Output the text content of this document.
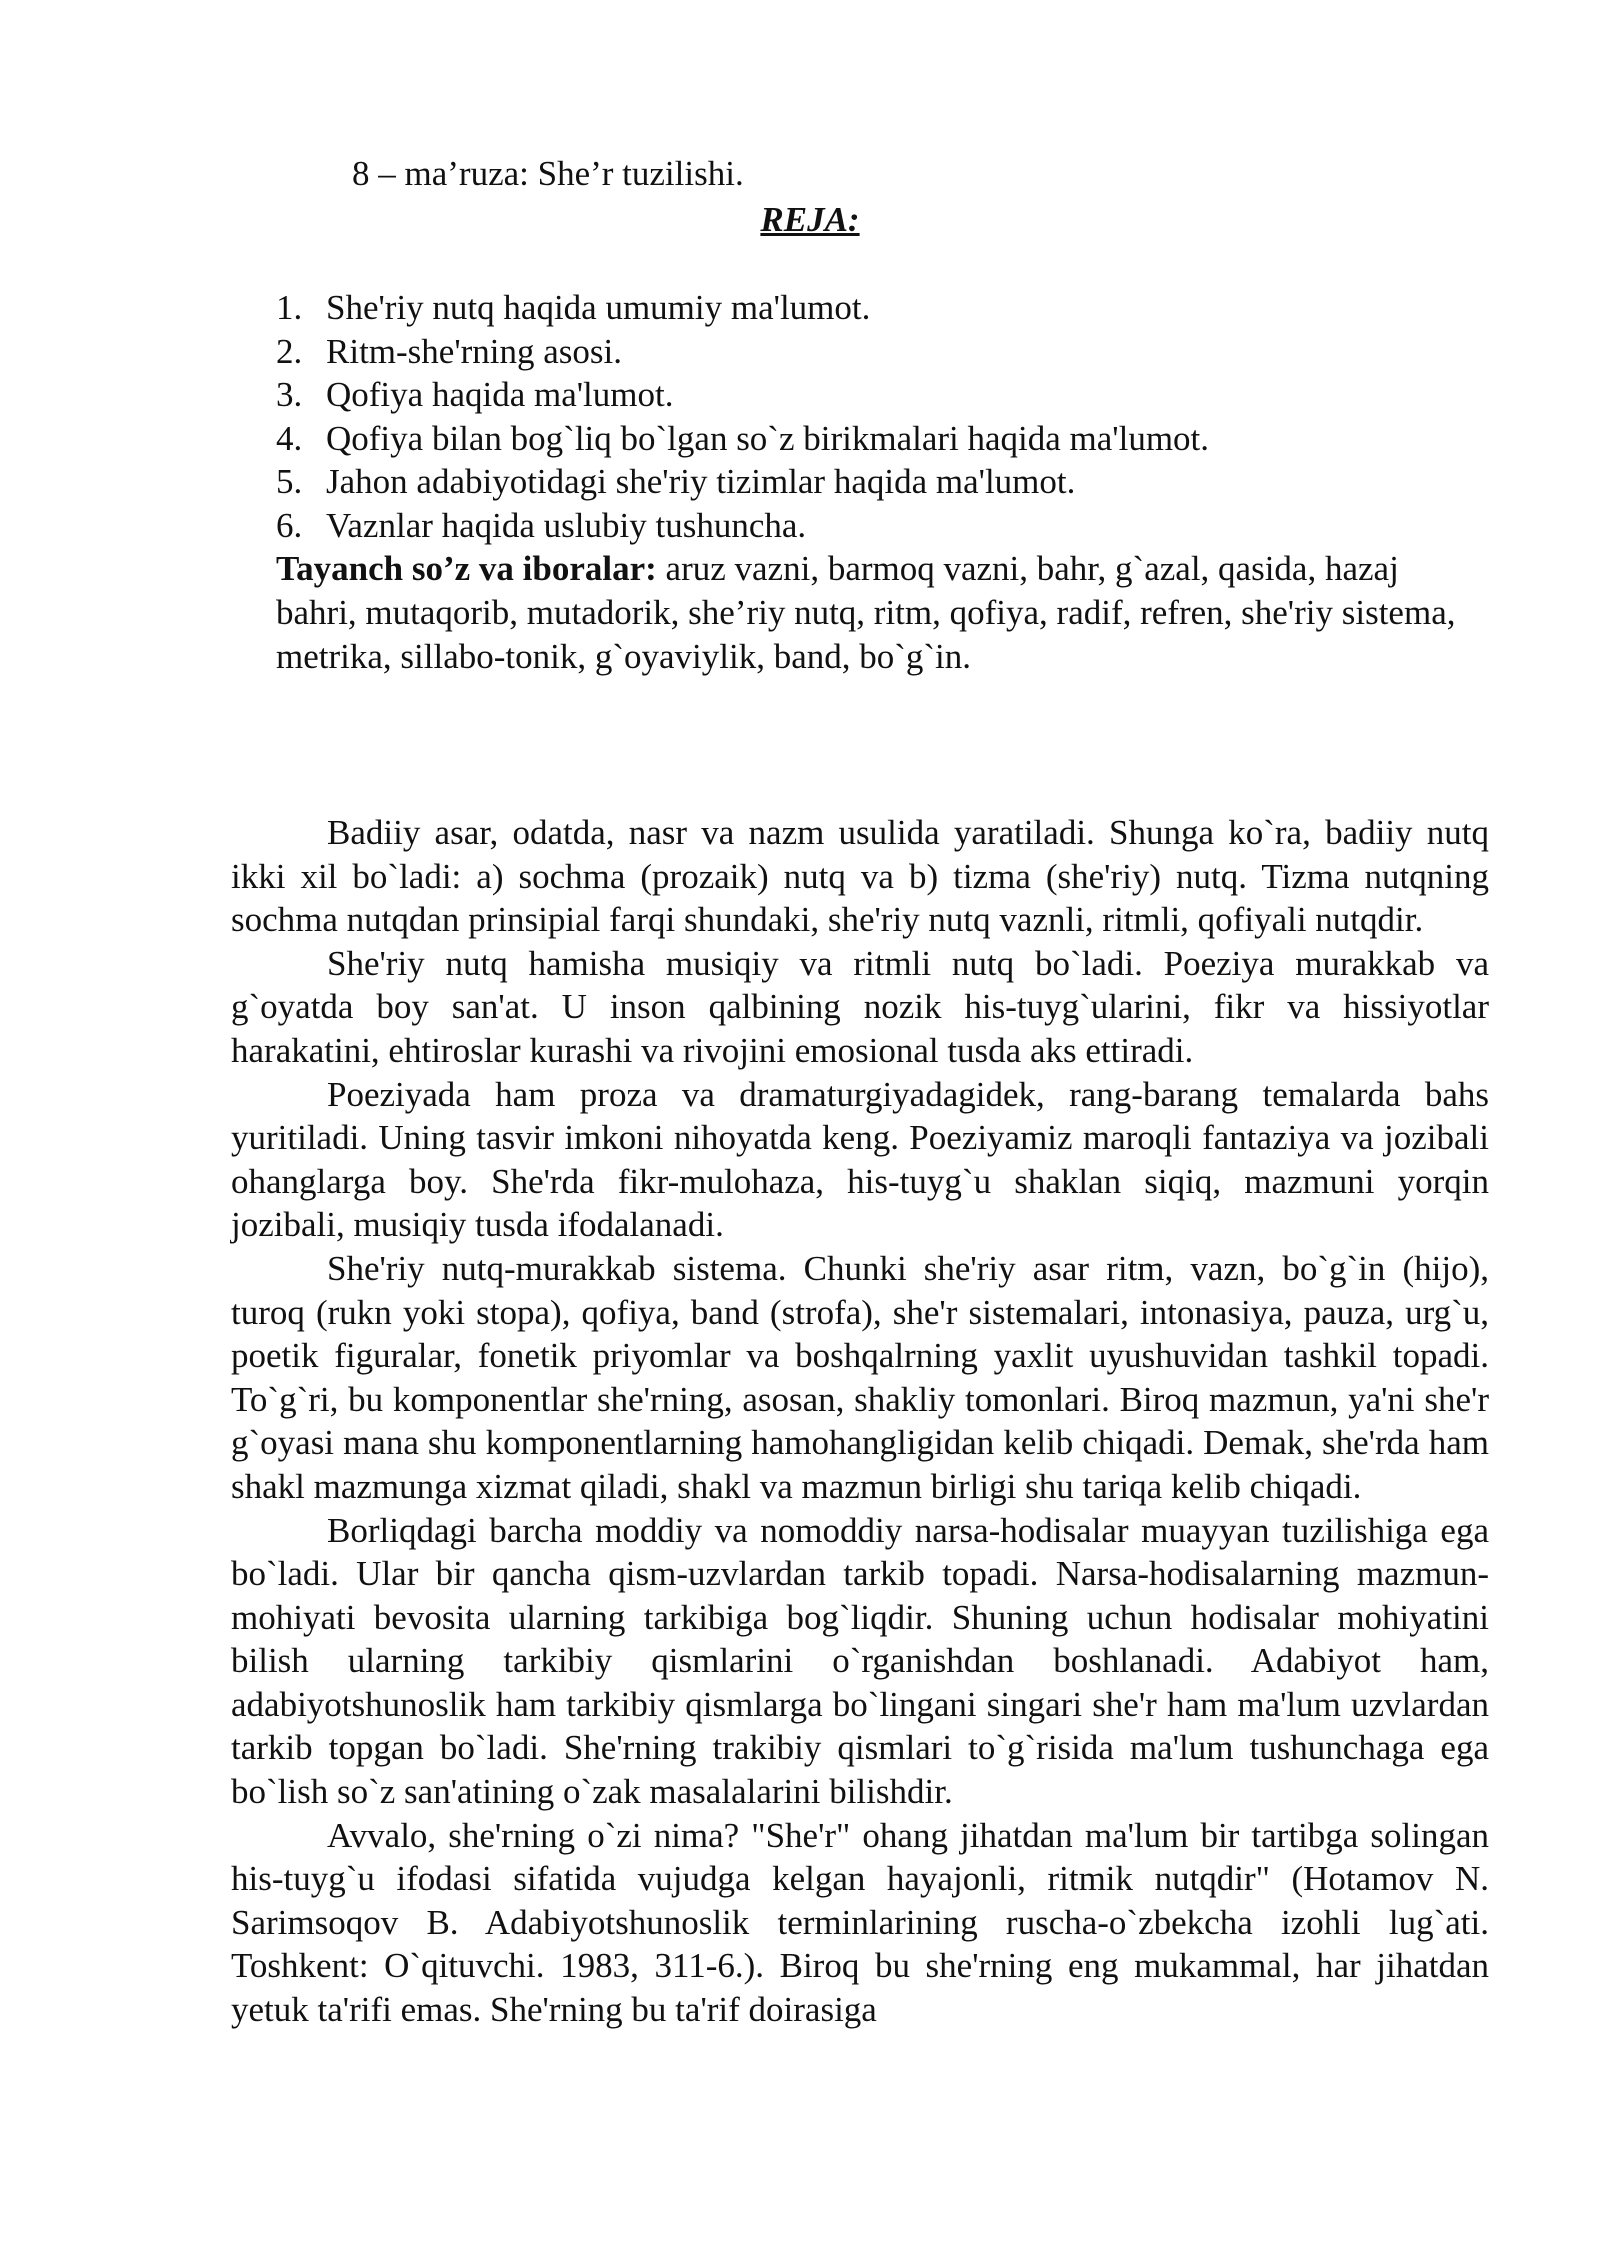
8 – ma’ruza: She’r tuzilishi.

REJA:

1. She'riy nutq haqida umumiy ma'lumot.
2. Ritm-she'rning asosi.
3. Qofiya haqida ma'lumot.
4. Qofiya bilan bog`liq bo`lgan so`z birikmalari haqida ma'lumot.
5. Jahon adabiyotidagi she'riy tizimlar haqida ma'lumot.
6. Vaznlar haqida uslubiy tushuncha.

Tayanch so’z va iboralar: aruz vazni, barmoq vazni, bahr, g`azal, qasida, hazaj bahri, mutaqorib, mutadorik, she’riy nutq, ritm, qofiya, radif, refren, she'riy sistema, metrika, sillabo-tonik, g`oyaviylik, band, bo`g`in.

Badiiy asar, odatda, nasr va nazm usulida yaratiladi. Shunga ko`ra, badiiy nutq ikki xil bo`ladi: a) sochma (prozaik) nutq va b) tizma (she'riy) nutq. Tizma nutqning sochma nutqdan prinsipial farqi shundaki, she'riy nutq vaznli, ritmli, qofiyali nutqdir.

She'riy nutq hamisha musiqiy va ritmli nutq bo`ladi. Poeziya murakkab va g`oyatda boy san'at. U inson qalbining nozik his-tuyg`ularini, fikr va hissiyotlar harakatini, ehtiroslar kurashi va rivojini emosional tusda aks ettiradi.

Poeziyada ham proza va dramaturgiyadagidek, rang-barang temalarda bahs yuritiladi. Uning tasvir imkoni nihoyatda keng. Poeziyamiz maroqli fantaziya va jozibali ohanglarga boy. She'rda fikr-mulohaza, his-tuyg`u shaklan siqiq, mazmuni yorqin jozibali, musiqiy tusda ifodalanadi.

She'riy nutq-murakkab sistema. Chunki she'riy asar ritm, vazn, bo`g`in (hijo), turoq (rukn yoki stopa), qofiya, band (strofa), she'r sistemalari, intonasiya, pauza, urg`u, poetik figuralar, fonetik priyomlar va boshqalrning yaxlit uyushuvidan tashkil topadi. To`g`ri, bu komponentlar she'rning, asosan, shakliy tomonlari. Biroq mazmun, ya'ni she'r g`oyasi mana shu komponentlarning hamohangligidan kelib chiqadi. Demak, she'rda ham shakl mazmunga xizmat qiladi, shakl va mazmun birligi shu tariqa kelib chiqadi.

Borliqdagi barcha moddiy va nomoddiy narsa-hodisalar muayyan tuzilishiga ega bo`ladi. Ular bir qancha qism-uzvlardan tarkib topadi. Narsa-hodisalarning mazmun-mohiyati bevosita ularning tarkibiga bog`liqdir. Shuning uchun hodisalar mohiyatini bilish ularning tarkibiy qismlarini o`rganishdan boshlanadi. Adabiyot ham, adabiyotshunoslik ham tarkibiy qismlarga bo`lingani singari she'r ham ma'lum uzvlardan tarkib topgan bo`ladi. She'rning trakibiy qismlari to`g`risida ma'lum tushunchaga ega bo`lish so`z san'atining o`zak masalalarini bilishdir.

Avvalo, she'rning o`zi nima? "She'r" ohang jihatdan ma'lum bir tartibga solingan his-tuyg`u ifodasi sifatida vujudga kelgan hayajonli, ritmik nutqdir" (Hotamov N. Sarimsoqov B. Adabiyotshunoslik terminlarining ruscha-o`zbekcha izohli lug`ati. Toshkent: O`qituvchi. 1983, 311-6.). Biroq bu she'rning eng mukammal, har jihatdan yetuk ta'rifi emas. She'rning bu ta'rif doirasiga
